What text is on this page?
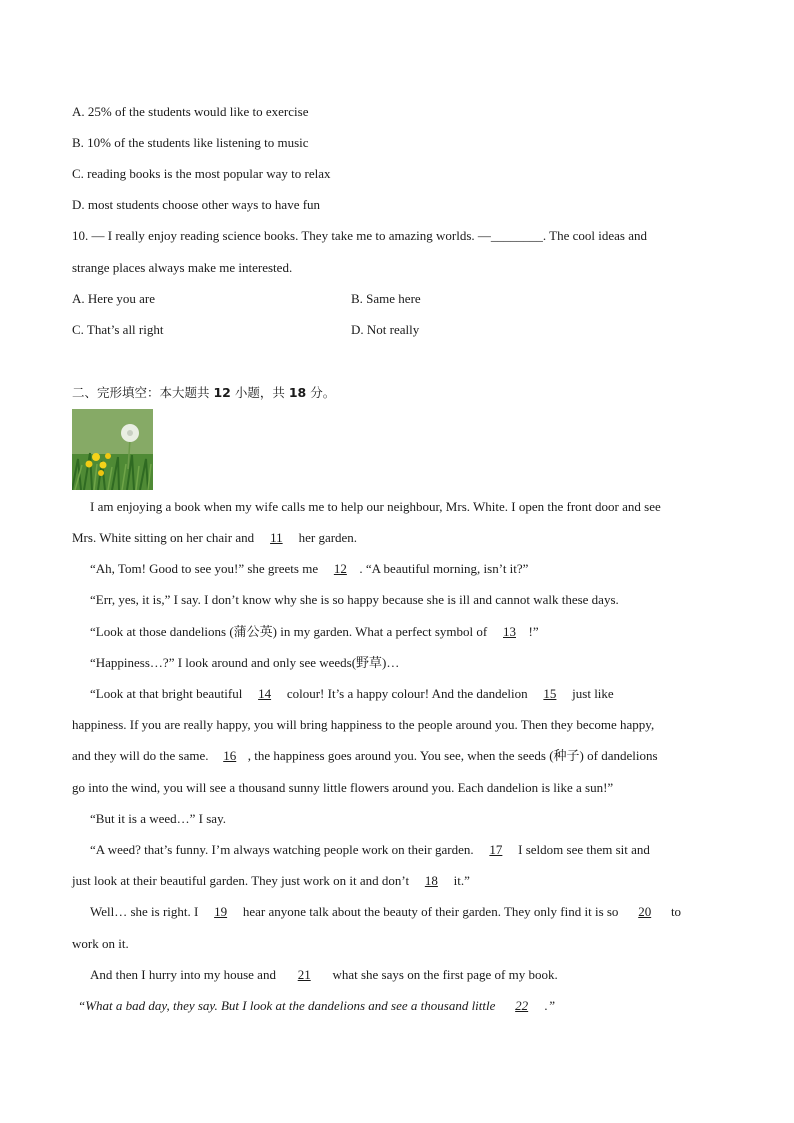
A. 25% of the students would like to exercise
B. 10% of the students like listening to music
C. reading books is the most popular way to relax
D. most students choose other ways to have fun
10. — I really enjoy reading science books. They take me to amazing worlds. —________. The cool ideas and
strange places always make me interested.
A. Here you are	B. Same here
C. That’s all right	D. Not really
二、完形填空：本大题共 12 小题，共 18 分。
I am enjoying a book when my wife calls me to help our neighbour, Mrs. White. I open the front door and see
Mrs. White sitting on her chair and 11 her garden.
“Ah, Tom! Good to see you!” she greets me 12 . “A beautiful morning, isn’t it?”
“Err, yes, it is,” I say. I don’t know why she is so happy because she is ill and cannot walk these days.
“Look at those dandelions (蒲公英) in my garden. What a perfect symbol of 13 !”
“Happiness…?” I look around and only see weeds(野草)…
“Look at that bright beautiful 14 colour! It’s a happy colour! And the dandelion 15 just like
happiness. If you are really happy, you will bring happiness to the people around you. Then they become happy,
and they will do the same. 16 , the happiness goes around you. You see, when the seeds (种子) of dandelions
go into the wind, you will see a thousand sunny little flowers around you. Each dandelion is like a sun!”
“But it is a weed…” I say.
“A weed? that’s funny. I’m always watching people work on their garden. 17 I seldom see them sit and
just look at their beautiful garden. They just work on it and don’t 18 it.”
Well… she is right. I 19 hear anyone talk about the beauty of their garden. They only find it is so 20 to
work on it.
And then I hurry into my house and 21 what she says on the first page of my book.
“What a bad day, they say. But I look at the dandelions and see a thousand little 22 .”
